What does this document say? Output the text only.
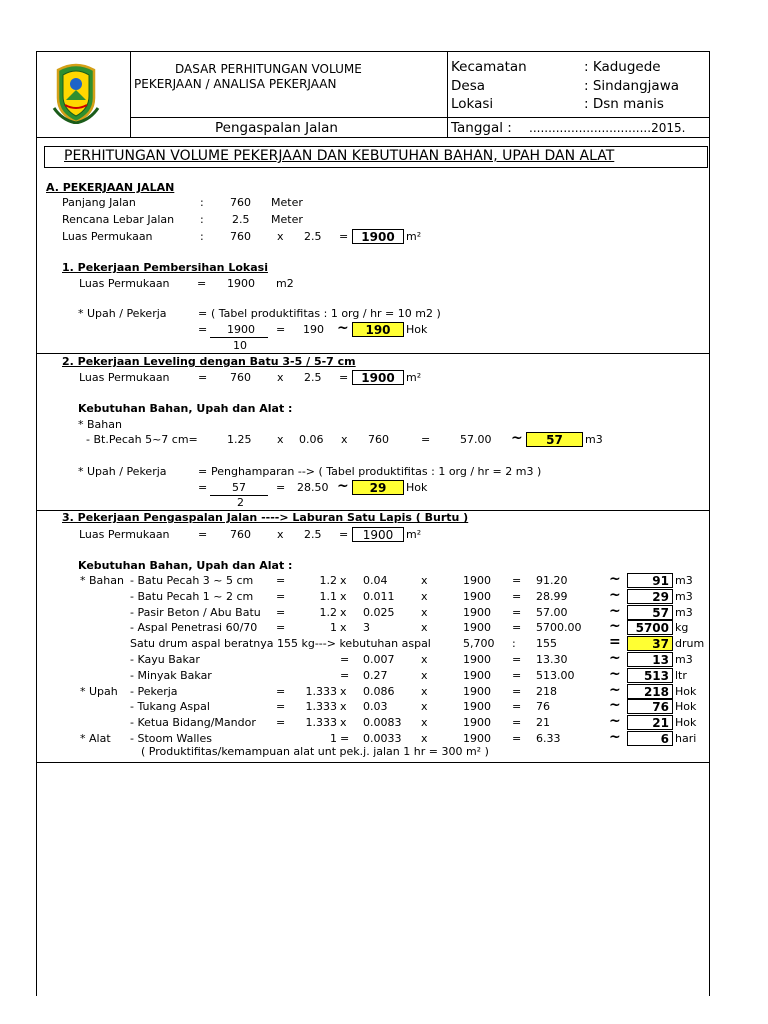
DASAR PERHITUNGAN VOLUME
PEKERJAAN / ANALISA PEKERJAAN
Pengaspalan Jalan
Kecamatan	: Kadugede
Desa	: Sindangjawa
Lokasi	: Dsn manis
Tanggal : ................................2015.
PERHITUNGAN VOLUME PEKERJAAN DAN KEBUTUHAN BAHAN, UPAH DAN ALAT
A. PEKERJAAN JALAN
Panjang Jalan	: 760 Meter
Rencana Lebar Jalan :	2.5 Meter
Luas Permukaan	: 760 x 2.5 =	1900	m²
1. Pekerjaan Pembersihan Lokasi
Luas Permukaan = 1900 m2
* Upah / Pekerja	= ( Tabel produktifitas : 1 org / hr = 10 m2 )
= 1900 = 190 ~	190	Hok
10
2. Pekerjaan Leveling dengan Batu 3-5 / 5-7 cm
Luas Permukaan	= 760 x 2.5 =	1900	m²
Kebutuhan Bahan, Upah dan Alat :
* Bahan
- Bt.Pecah 5~7 cm=	1.25 x 0.06 x 760	=	57.00 ~	57	m3
* Upah / Pekerja	= Penghamparan --> ( Tabel produktifitas : 1 org / hr = 2 m3 )
= 57	= 28.50 ~	29	Hok
2
3. Pekerjaan Pengaspalan Jalan ----> Laburan Satu Lapis ( Burtu )
Luas Permukaan	= 760 x 2.5 =	1900	m²
Kebutuhan Bahan, Upah dan Alat :
* Bahan - Batu Pecah 3 ~ 5 cm =	1.2 x 0.04	x	1900 = 91.20	~	91 m3
- Batu Pecah 1 ~ 2 cm =	1.1 x 0.011 x	1900 = 28.99	~	29 m3
- Pasir Beton / Abu Batu =	1.2 x 0.025 x	1900 = 57.00	~	57 m3
- Aspal Penetrasi 60/70 =	1 x 3	x	1900 = 5700.00 ~	5700 kg
Satu drum aspal beratnya 155 kg---> kebutuhan aspal	5,700 : 155	=	37 drum
- Kayu Bakar	= 0.007 x	1900 = 13.30	~	13 m3
- Minyak Bakar	= 0.27	x	1900 = 513.00 ~	513 ltr
* Upah - Pekerja	=	1.333 x 0.086 x	1900 = 218	~	218 Hok
- Tukang Aspal	=	1.333 x 0.03	x	1900 = 76	~	76 Hok
- Ketua Bidang/Mandor =	1.333 x 0.0083 x	1900 = 21	~	21 Hok
* Alat - Stoom Walles	1 = 0.0033 x	1900 = 6.33	~	6 hari
( Produktifitas/kemampuan alat unt pek.j. jalan 1 hr = 300 m² )
